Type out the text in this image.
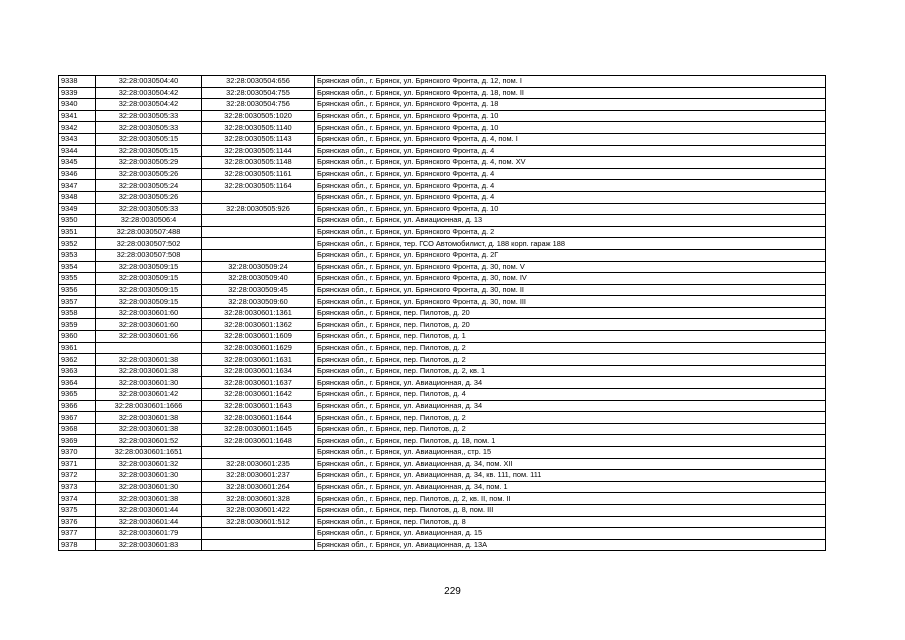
9338	32:28:0030504:40	32:28:0030504:656	Брянская обл., г. Брянск, ул. Брянского Фронта, д. 12, пом. I
9339	32:28:0030504:42	32:28:0030504:755	Брянская обл., г. Брянск, ул. Брянского Фронта, д. 18, пом. II
9340	32:28:0030504:42	32:28:0030504:756	Брянская обл., г. Брянск, ул. Брянского Фронта, д. 18
9341	32:28:0030505:33	32:28:0030505:1020	Брянская обл., г. Брянск, ул. Брянского Фронта, д. 10
9342	32:28:0030505:33	32:28:0030505:1140	Брянская обл., г. Брянск, ул. Брянского Фронта, д. 10
9343	32:28:0030505:15	32:28:0030505:1143	Брянская обл., г. Брянск, ул. Брянского Фронта, д. 4, пом. I
9344	32:28:0030505:15	32:28:0030505:1144	Брянская обл., г. Брянск, ул. Брянского Фронта, д. 4
9345	32:28:0030505:29	32:28:0030505:1148	Брянская обл., г. Брянск, ул. Брянского Фронта, д. 4, пом. XV
9346	32:28:0030505:26	32:28:0030505:1161	Брянская обл., г. Брянск, ул. Брянского Фронта, д. 4
9347	32:28:0030505:24	32:28:0030505:1164	Брянская обл., г. Брянск, ул. Брянского Фронта, д. 4
9348	32:28:0030505:26		Брянская обл., г. Брянск, ул. Брянского Фронта, д. 4
9349	32:28:0030505:33	32:28:0030505:926	Брянская обл., г. Брянск, ул. Брянского Фронта, д. 10
9350	32:28:0030506:4		Брянская обл., г. Брянск, ул. Авиационная, д. 13
9351	32:28:0030507:488		Брянская обл., г. Брянск, ул. Брянского Фронта, д. 2
9352	32:28:0030507:502		Брянская обл., г. Брянск, тер. ГСО Автомобилист, д. 188 корп. гараж 188
9353	32:28:0030507:508		Брянская обл., г. Брянск, ул. Брянского Фронта, д. 2Г
9354	32:28:0030509:15	32:28:0030509:24	Брянская обл., г. Брянск, ул. Брянского Фронта, д. 30, пом. V
9355	32:28:0030509:15	32:28:0030509:40	Брянская обл., г. Брянск, ул. Брянского Фронта, д. 30, пом. IV
9356	32:28:0030509:15	32:28:0030509:45	Брянская обл., г. Брянск, ул. Брянского Фронта, д. 30, пом. II
9357	32:28:0030509:15	32:28:0030509:60	Брянская обл., г. Брянск, ул. Брянского Фронта, д. 30, пом. III
9358	32:28:0030601:60	32:28:0030601:1361	Брянская обл., г. Брянск, пер. Пилотов, д. 20
9359	32:28:0030601:60	32:28:0030601:1362	Брянская обл., г. Брянск, пер. Пилотов, д. 20
9360	32:28:0030601:66	32:28:0030601:1609	Брянская обл., г. Брянск, пер. Пилотов, д. 1
9361		32:28:0030601:1629	Брянская обл., г. Брянск, пер. Пилотов, д. 2
9362	32:28:0030601:38	32:28:0030601:1631	Брянская обл., г. Брянск, пер. Пилотов, д. 2
9363	32:28:0030601:38	32:28:0030601:1634	Брянская обл., г. Брянск, пер. Пилотов, д. 2, кв. 1
9364	32:28:0030601:30	32:28:0030601:1637	Брянская обл., г. Брянск, ул. Авиационная, д. 34
9365	32:28:0030601:42	32:28:0030601:1642	Брянская обл., г. Брянск, пер. Пилотов, д. 4
9366	32:28:0030601:1666	32:28:0030601:1643	Брянская обл., г. Брянск, ул. Авиационная, д. 34
9367	32:28:0030601:38	32:28:0030601:1644	Брянская обл., г. Брянск, пер. Пилотов, д. 2
9368	32:28:0030601:38	32:28:0030601:1645	Брянская обл., г. Брянск, пер. Пилотов, д. 2
9369	32:28:0030601:52	32:28:0030601:1648	Брянская обл., г. Брянск, пер. Пилотов, д. 18, пом. 1
9370	32:28:0030601:1651		Брянская обл., г. Брянск, ул. Авиационная,, стр. 15
9371	32:28:0030601:32	32:28:0030601:235	Брянская обл., г. Брянск, ул. Авиационная, д. 34, пом. XII
9372	32:28:0030601:30	32:28:0030601:237	Брянская обл., г. Брянск, ул. Авиационная, д. 34, кв. 111, пом. 111
9373	32:28:0030601:30	32:28:0030601:264	Брянская обл., г. Брянск, ул. Авиационная, д. 34, пом. 1
9374	32:28:0030601:38	32:28:0030601:328	Брянская обл., г. Брянск, пер. Пилотов, д. 2, кв. II, пом. II
9375	32:28:0030601:44	32:28:0030601:422	Брянская обл., г. Брянск, пер. Пилотов, д. 8, пом. III
9376	32:28:0030601:44	32:28:0030601:512	Брянская обл., г. Брянск, пер. Пилотов, д. 8
9377	32:28:0030601:79		Брянская обл., г. Брянск, ул. Авиационная, д. 15
9378	32:28:0030601:83		Брянская обл., г. Брянск, ул. Авиационная, д. 13А
229
